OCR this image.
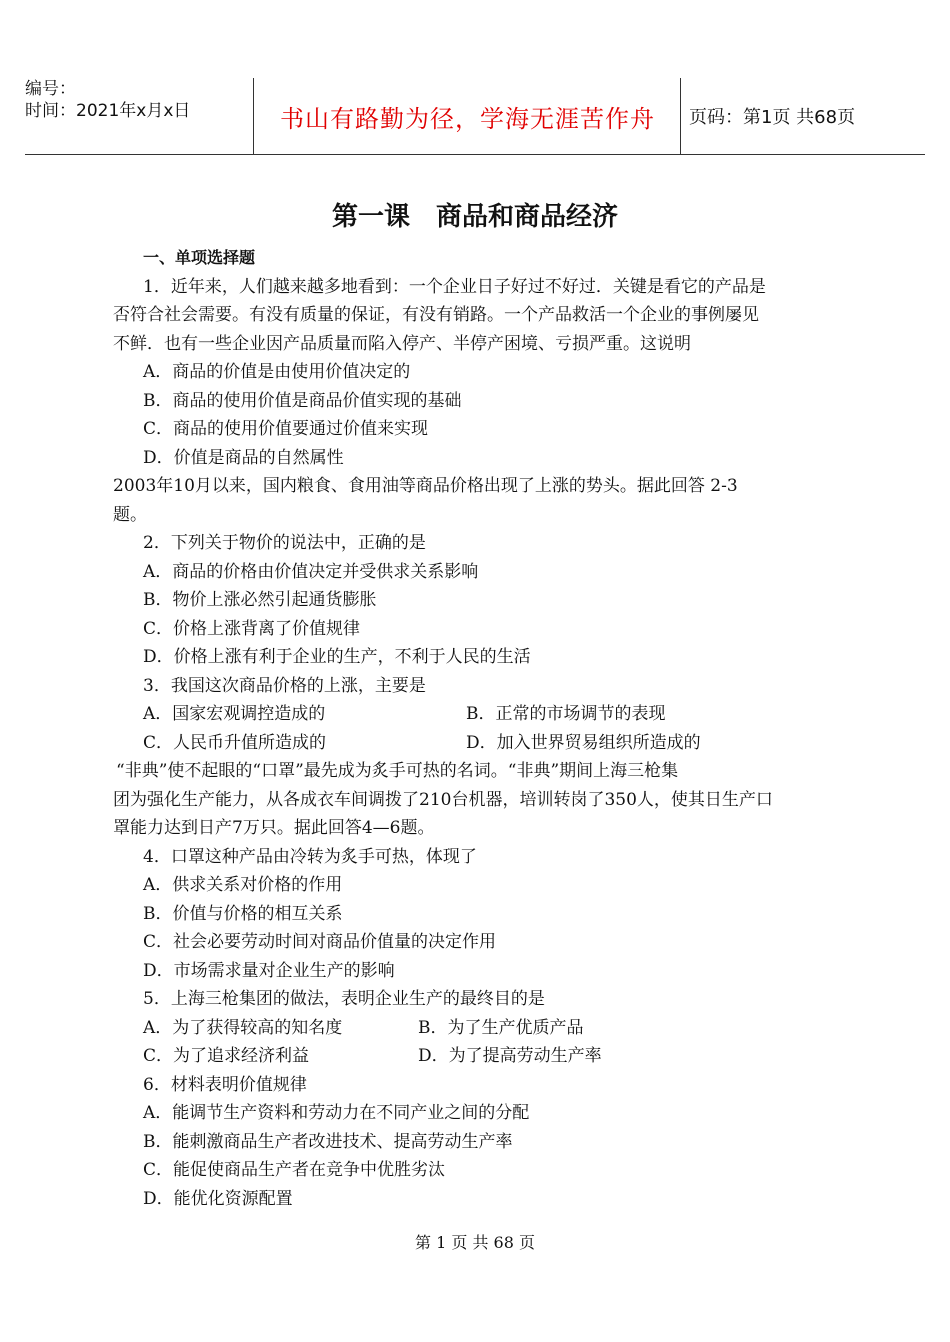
编号：
时间：2021年x月x日	书山有路勤为径，学海无涯苦作舟	页码：第1页 共68页
第一课　商品和商品经济
一、单项选择题
1．近年来，人们越来越多地看到：一个企业日子好过不好过．关键是看它的产品是
否符合社会需要。有没有质量的保证，有没有销路。一个产品救活一个企业的事例屡见
不鲜．也有一些企业因产品质量而陷入停产、半停产困境、亏损严重。这说明
A．商品的价值是由使用价值决定的
B．商品的使用价值是商品价值实现的基础
C．商品的使用价值要通过价值来实现
D．价值是商品的自然属性
2003年10月以来，国内粮食、食用油等商品价格出现了上涨的势头。据此回答 2-3
题。
2．下列关于物价的说法中，正确的是
A．商品的价格由价值决定并受供求关系影响
B．物价上涨必然引起通货膨胀
C．价格上涨背离了价值规律
D．价格上涨有利于企业的生产，不利于人民的生活
3．我国这次商品价格的上涨，主要是
A．国家宏观调控造成的	B．正常的市场调节的表现
C．人民币升值所造成的	D．加入世界贸易组织所造成的
“非典”使不起眼的“口罩”最先成为炙手可热的名词。“非典”期间上海三枪集
团为强化生产能力，从各成衣车间调拨了210台机器，培训转岗了350人，使其日生产口
罩能力达到日产7万只。据此回答4—6题。
4．口罩这种产品由冷转为炙手可热，体现了
A．供求关系对价格的作用
B．价值与价格的相互关系
C．社会必要劳动时间对商品价值量的决定作用
D．市场需求量对企业生产的影响
5．上海三枪集团的做法，表明企业生产的最终目的是
A．为了获得较高的知名度	B．为了生产优质产品
C．为了追求经济利益	D．为了提高劳动生产率
6．材料表明价值规律
A．能调节生产资料和劳动力在不同产业之间的分配
B．能刺激商品生产者改进技术、提高劳动生产率
C．能促使商品生产者在竞争中优胜劣汰
D．能优化资源配置
第 1 页 共 68 页
